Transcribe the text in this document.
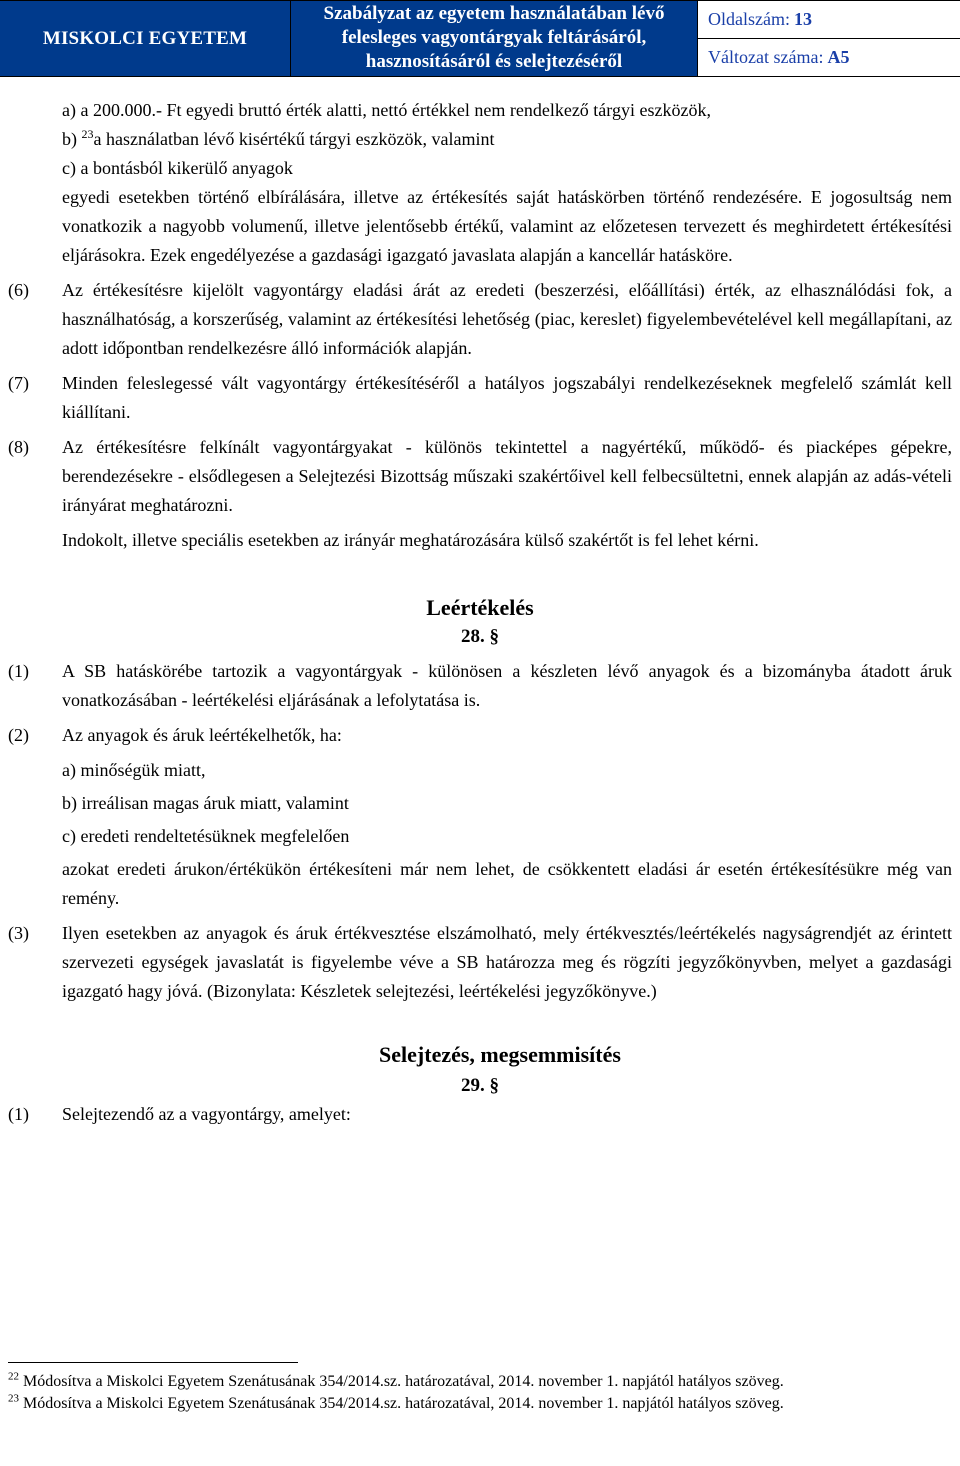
MISKOLCI EGYETEM
Szabályzat az egyetem használatában lévő
felesleges vagyontárgyak feltárásáról,
hasznosításáról és selejtezéséről
Oldalszám: 13
Változat száma: A5
a) a 200.000.- Ft egyedi bruttó érték alatti, nettó értékkel nem rendelkező tárgyi eszközök,
b) $^{23}$a használatban lévő kisértékű tárgyi eszközök, valamint
c) a bontásból kikerülő anyagok
egyedi esetekben történő elbírálására, illetve az értékesítés saját hatáskörben történő rendezésére. E jogosultság nem vonatkozik a nagyobb volumenű, illetve jelentősebb értékű, valamint az előzetesen tervezett és meghirdetett értékesítési eljárásokra. Ezek engedélyezése a gazdasági igazgató javaslata alapján a kancellár hatásköre.
(6)	Az értékesítésre kijelölt vagyontárgy eladási árát az eredeti (beszerzési, előállítási) érték, az elhasználódási fok, a használhatóság, a korszerűség, valamint az értékesítési lehetőség (piac, kereslet) figyelembevételével kell megállapítani, az adott időpontban rendelkezésre álló információk alapján.
(7)	Minden feleslegessé vált vagyontárgy értékesítéséről a hatályos jogszabályi rendelkezéseknek megfelelő számlát kell kiállítani.
(8)	Az értékesítésre felkínált vagyontárgyakat - különös tekintettel a nagyértékű, működő- és piacképes gépekre, berendezésekre - elsődlegesen a Selejtezési Bizottság műszaki szakértőivel kell felbecsültetni, ennek alapján az adás-vételi irányárat meghatározni.
Indokolt, illetve speciális esetekben az irányár meghatározására külső szakértőt is fel lehet kérni.
Leértékelés
28. §
(1)	A SB hatáskörébe tartozik a vagyontárgyak - különösen a készleten lévő anyagok és a bizományba átadott áruk vonatkozásában - leértékelési eljárásának a lefolytatása is.
(2)	Az anyagok és áruk leértékelhetők, ha:
a) minőségük miatt,
b) irreálisan magas áruk miatt, valamint
c) eredeti rendeltetésüknek megfelelően
azokat eredeti árukon/értékükön értékesíteni már nem lehet, de csökkentett eladási ár esetén értékesítésükre még van remény.
(3)	Ilyen esetekben az anyagok és áruk értékvesztése elszámolható, mely értékvesztés/leértékelés nagyságrendjét az érintett szervezeti egységek javaslatát is figyelembe véve a SB határozza meg és rögzíti jegyzőkönyvben, melyet a gazdasági igazgató hagy jóvá. (Bizonylata: Készletek selejtezési, leértékelési jegyzőkönyve.)
Selejtezés, megsemmisítés
29. §
(1)	Selejtezendő az a vagyontárgy, amelyet:
$^{22}$ Módosítva a Miskolci Egyetem Szenátusának 354/2014.sz. határozatával, 2014. november 1. napjától hatályos szöveg.
$^{23}$ Módosítva a Miskolci Egyetem Szenátusának 354/2014.sz. határozatával, 2014. november 1. napjától hatályos szöveg.
